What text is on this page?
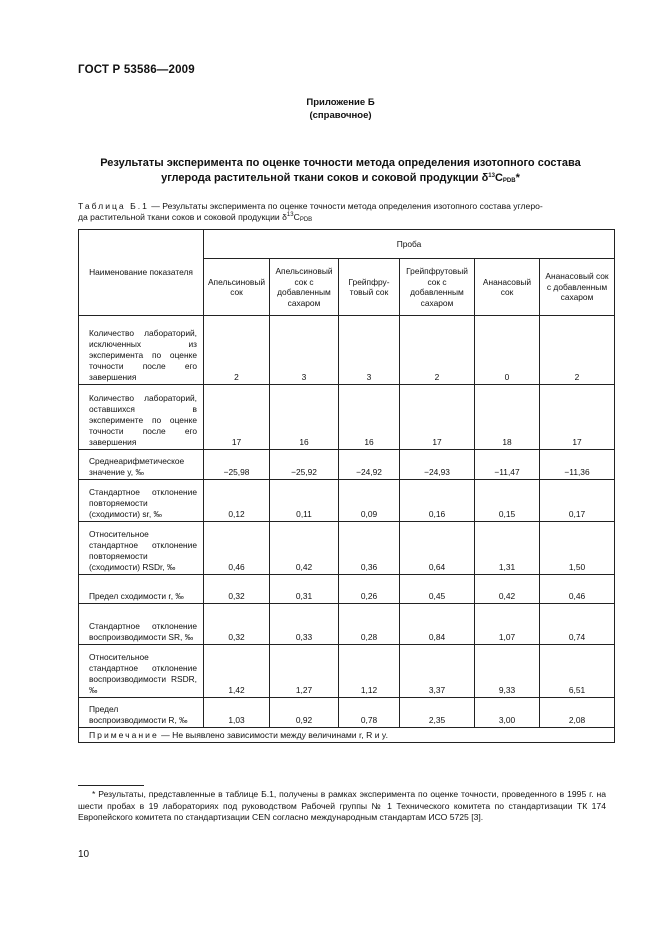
ГОСТ Р 53586—2009
Приложение Б
(справочное)
Результаты эксперимента по оценке точности метода определения изотопного состава
углерода растительной ткани соков и соковой продукции $\delta^{13}C_{PDB}*$
Таблица Б.1 — Результаты эксперимента по оценке точности метода определения изотопного состава углеро-
да растительной ткани соков и соковой продукции $\delta^{13}C_{PDB}$
Наименование показателя	Проба					
	Апельсиновый сок	Апельсиновый сок с добавленным сахаром	Грейпфру-товый сок	Грейпфрутовый сок с добавленным сахаром	Ананасовый сок	Ананасовый сок с добавленным сахаром
Количество лабораторий, исключенных из эксперимента по оценке точности после его завершения	2	3	3	2	0	2
Количество лабораторий, оставшихся в эксперименте по оценке точности после его завершения	17	16	16	17	18	17
Среднеарифметическое значение y, ‰	−25,98	−25,92	−24,92	−24,93	−11,47	−11,36
Стандартное отклонение повторяемости (сходимости) sr, ‰	0,12	0,11	0,09	0,16	0,15	0,17
Относительное стандартное отклонение повторяемости (сходимости) RSDr, ‰	0,46	0,42	0,36	0,64	1,31	1,50
Предел сходимости r, ‰	0,32	0,31	0,26	0,45	0,42	0,46
Стандартное отклонение воспроизводимости SR, ‰	0,32	0,33	0,28	0,84	1,07	0,74
Относительное стандартное отклонение воспроизводимости RSDR, ‰	1,42	1,27	1,12	3,37	9,33	6,51
Предел воспроизводимости R, ‰	1,03	0,92	0,78	2,35	3,00	2,08
Примечание — Не выявлено зависимости между величинами r, R и y.						
* Результаты, представленные в таблице Б.1, получены в рамках эксперимента по оценке точности, проведенного в 1995 г. на шести пробах в 19 лабораториях под руководством Рабочей группы № 1 Технического комитета по стандартизации ТК 174 Европейского комитета по стандартизации CEN согласно международным стандартам ИСО 5725 [3].
10
